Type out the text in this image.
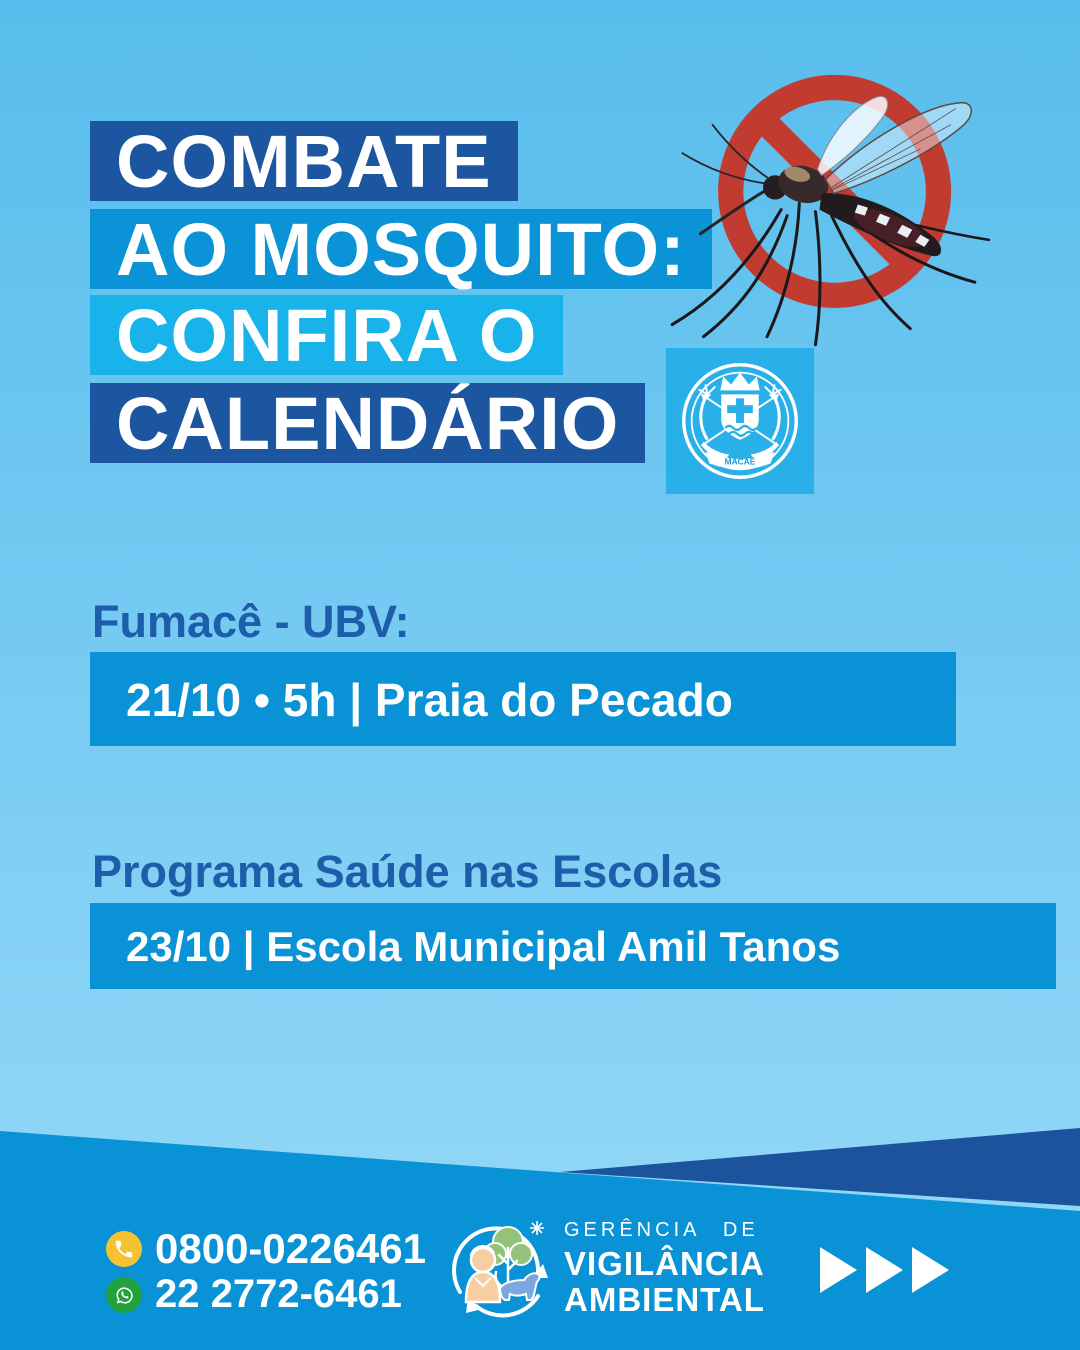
COMBATE
AO MOSQUITO:
CONFIRA O
CALENDÁRIO	MACAÉ
Fumacê - UBV:
21/10 • 5h | Praia do Pecado
Programa Saúde nas Escolas
23/10 | Escola Municipal Amil Tanos
0800-0226461
22 2772-6461
GERÊNCIA DE
VIGILÂNCIA
AMBIENTAL
